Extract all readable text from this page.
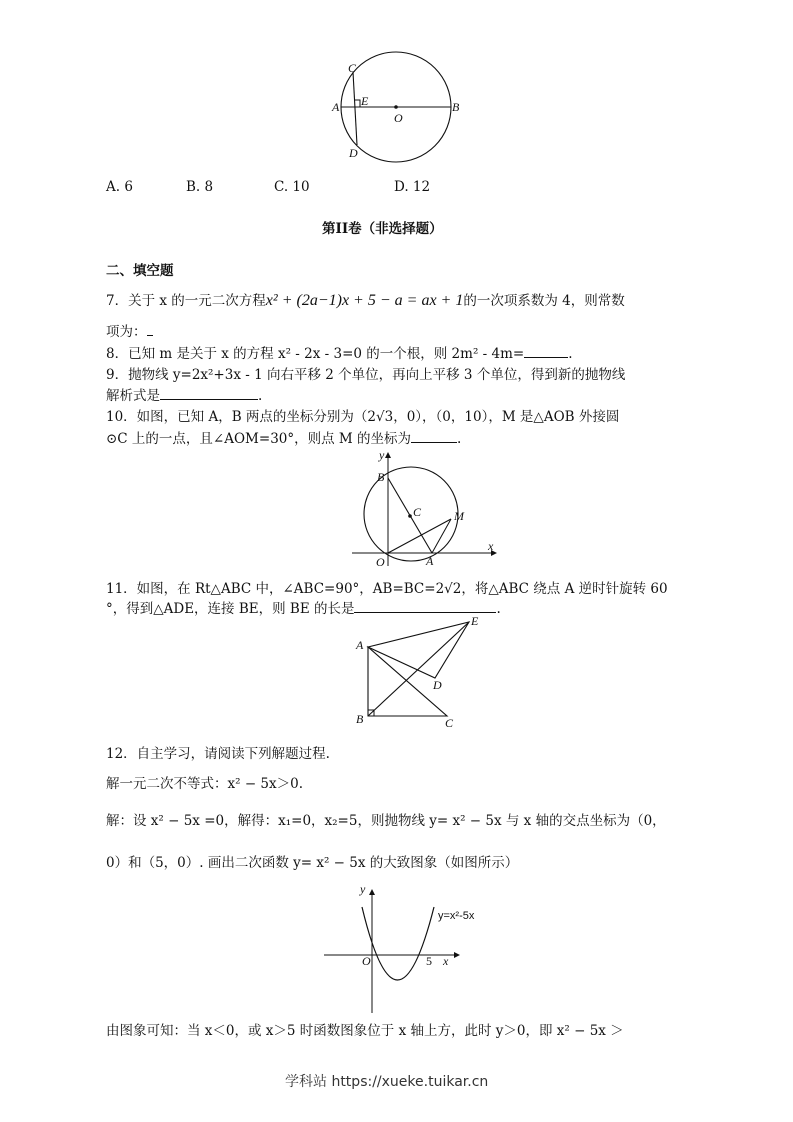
C
A E
O
B
D
A. 6	B. 8	C. 10	D. 12
第II卷（非选择题）
二、填空题
7．关于 x 的一元二次方程x² + (2a−1)x + 5 − a = ax + 1的一次项系数为 4，则常数
项为：
8．已知 m 是关于 x 的方程 x² - 2x - 3=0 的一个根，则 2m² - 4m=	.
9．抛物线 y=2x²+3x - 1 向右平移 2 个单位，再向上平移 3 个单位，得到新的抛物线
解析式是	.
10．如图，已知 A，B 两点的坐标分别为（2√3，0），（0，10），M 是△AOB 外接圆
⊙C 上的一点，且∠AOM=30°，则点 M 的坐标为	.
y
B
C	M
O	A
x
11．如图，在 Rt△ABC 中，∠ABC=90°，AB=BC=2√2，将△ABC 绕点 A 逆时针旋转 60
°，得到△ADE，连接 BE，则 BE 的长是	.
A
E
D
B	C
12．自主学习，请阅读下列解题过程.
解一元二次不等式：x² − 5x＞0.
解：设 x² − 5x =0，解得：x₁=0，x₂=5，则抛物线 y= x² − 5x 与 x 轴的交点坐标为（0，
0）和（5，0）. 画出二次函数 y= x² − 5x 的大致图象（如图所示）
y
y=x²-5x
O	5 x
由图象可知：当 x＜0，或 x＞5 时函数图象位于 x 轴上方，此时 y＞0，即 x² − 5x ＞
学科站 https://xueke.tuikar.cn
